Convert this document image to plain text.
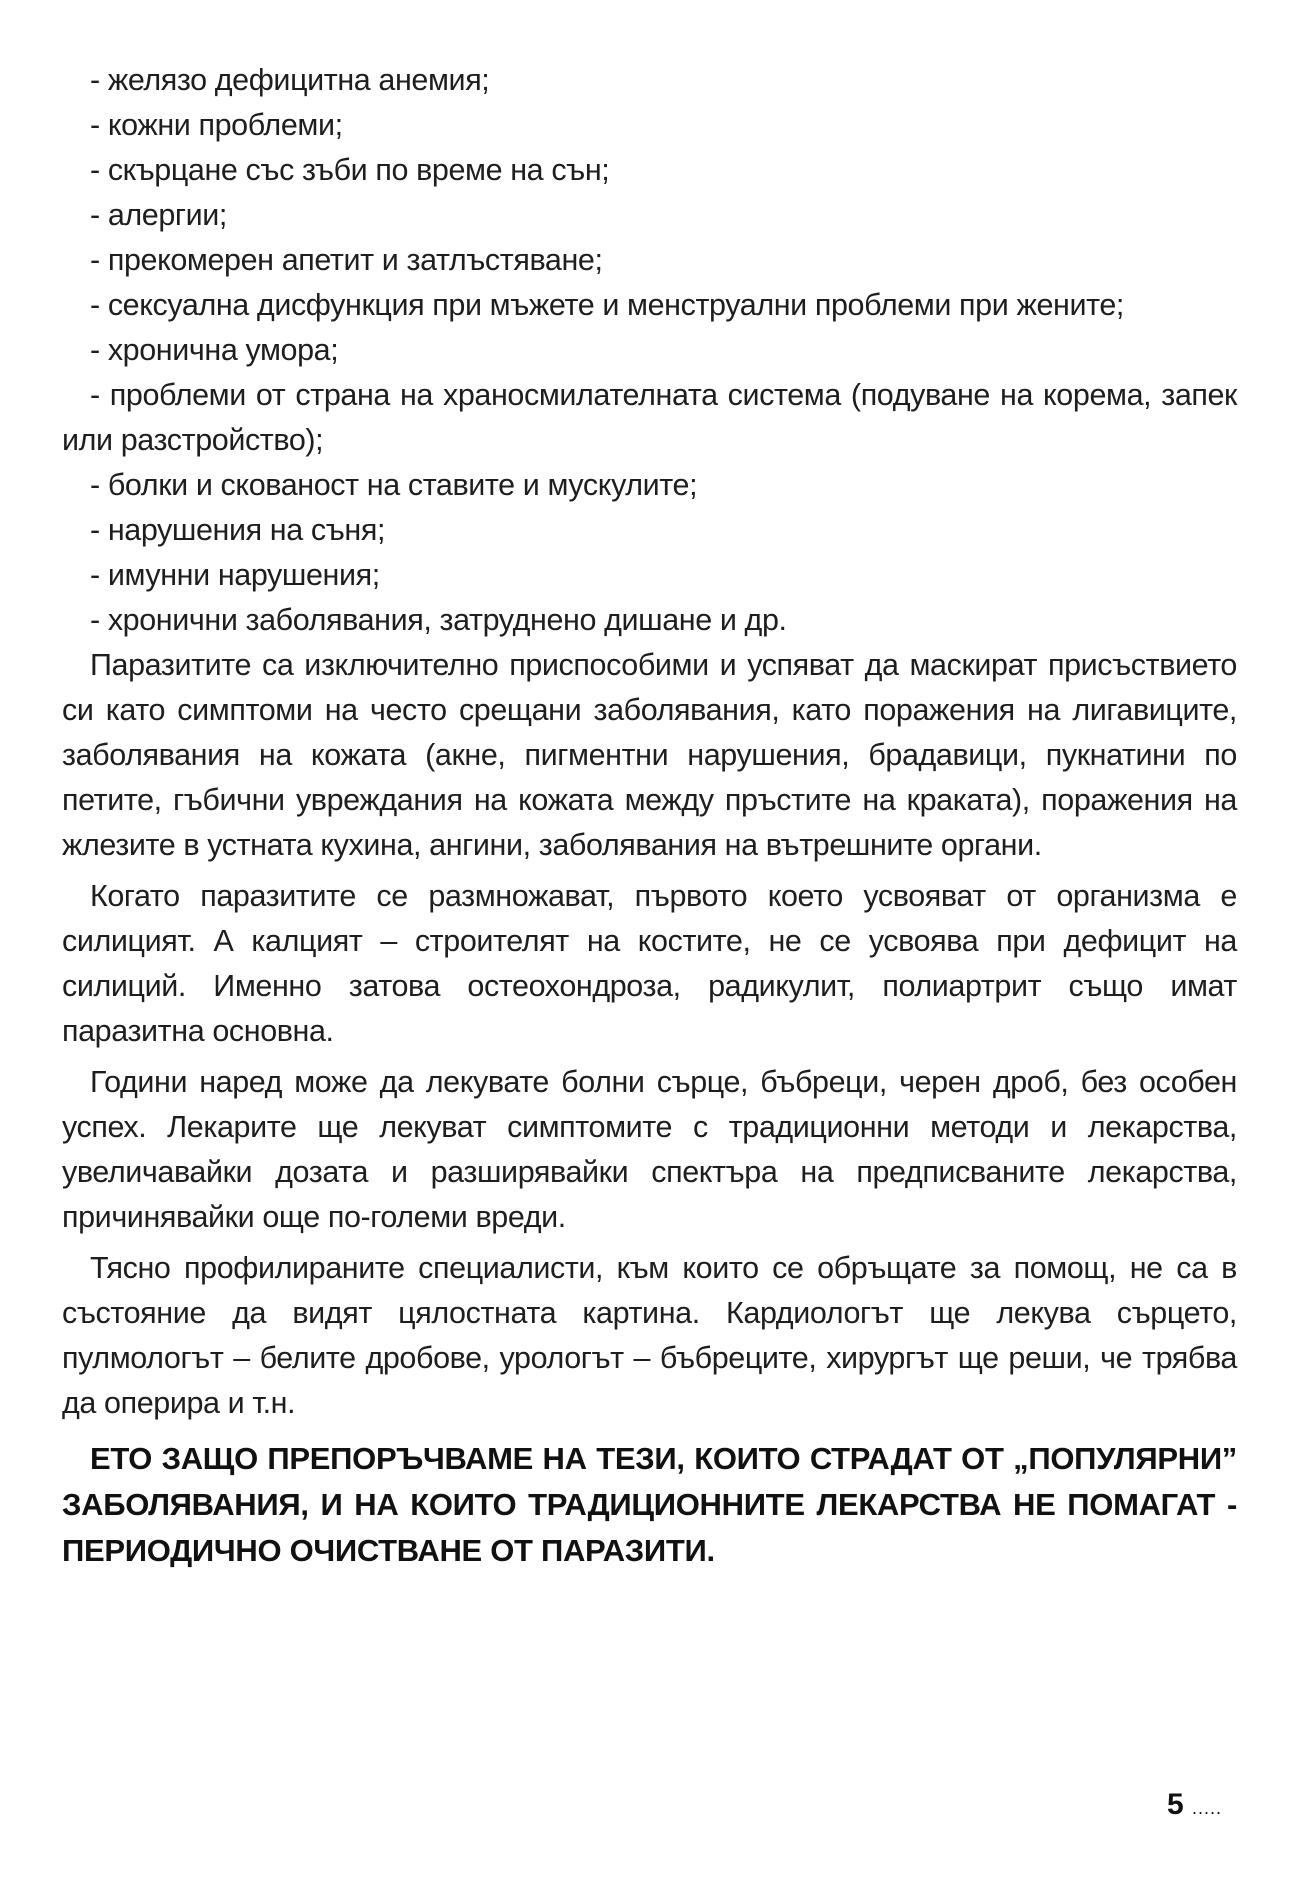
- желязо дефицитна анемия;
- кожни проблеми;
- скърцане със зъби по време на сън;
- алергии;
- прекомерен апетит и затлъстяване;
- сексуална дисфункция при мъжете и менструални проблеми при жените;
- хронична умора;
- проблеми от страна на храносмилателната система (подуване на корема, запек или разстройство);
- болки и скованост на ставите и мускулите;
- нарушения на съня;
- имунни нарушения;
- хронични заболявания, затруднено дишане и др.

Паразитите са изключително приспособими и успяват да маскират присъствието си като симптоми на често срещани заболявания, като поражения на лигавиците, заболявания на кожата (акне, пигментни нарушения, брадавици, пукнатини по петите, гъбични увреждания на кожата между пръстите на краката), поражения на жлезите в устната кухина, ангини, заболявания на вътрешните органи.

Когато паразитите се размножават, първото което усвояват от организма е силицият. А калцият – строителят на костите, не се усвоява при дефицит на силиций. Именно затова остеохондроза, радикулит, полиартрит също имат паразитна основна.

Години наред може да лекувате болни сърце, бъбреци, черен дроб, без особен успех. Лекарите ще лекуват симптомите с традиционни методи и лекарства, увеличавайки дозата и разширявайки спектъра на предписваните лекарства, причинявайки още по-големи вреди.

Тясно профилираните специалисти, към които се обръщате за помощ, не са в състояние да видят цялостната картина. Кардиологът ще лекува сърцето, пулмологът – белите дробове, урологът – бъбреците, хирургът ще реши, че трябва да оперира и т.н.

ЕТО ЗАЩО ПРЕПОРЪЧВАМЕ НА ТЕЗИ, КОИТО СТРАДАТ ОТ „ПОПУЛЯРНИ” ЗАБОЛЯВАНИЯ, И НА КОИТО ТРАДИЦИОННИТЕ ЛЕКАРСТВА НЕ ПОМАГАТ - ПЕРИОДИЧНО ОЧИСТВАНЕ ОТ ПАРАЗИТИ.

5 .....
